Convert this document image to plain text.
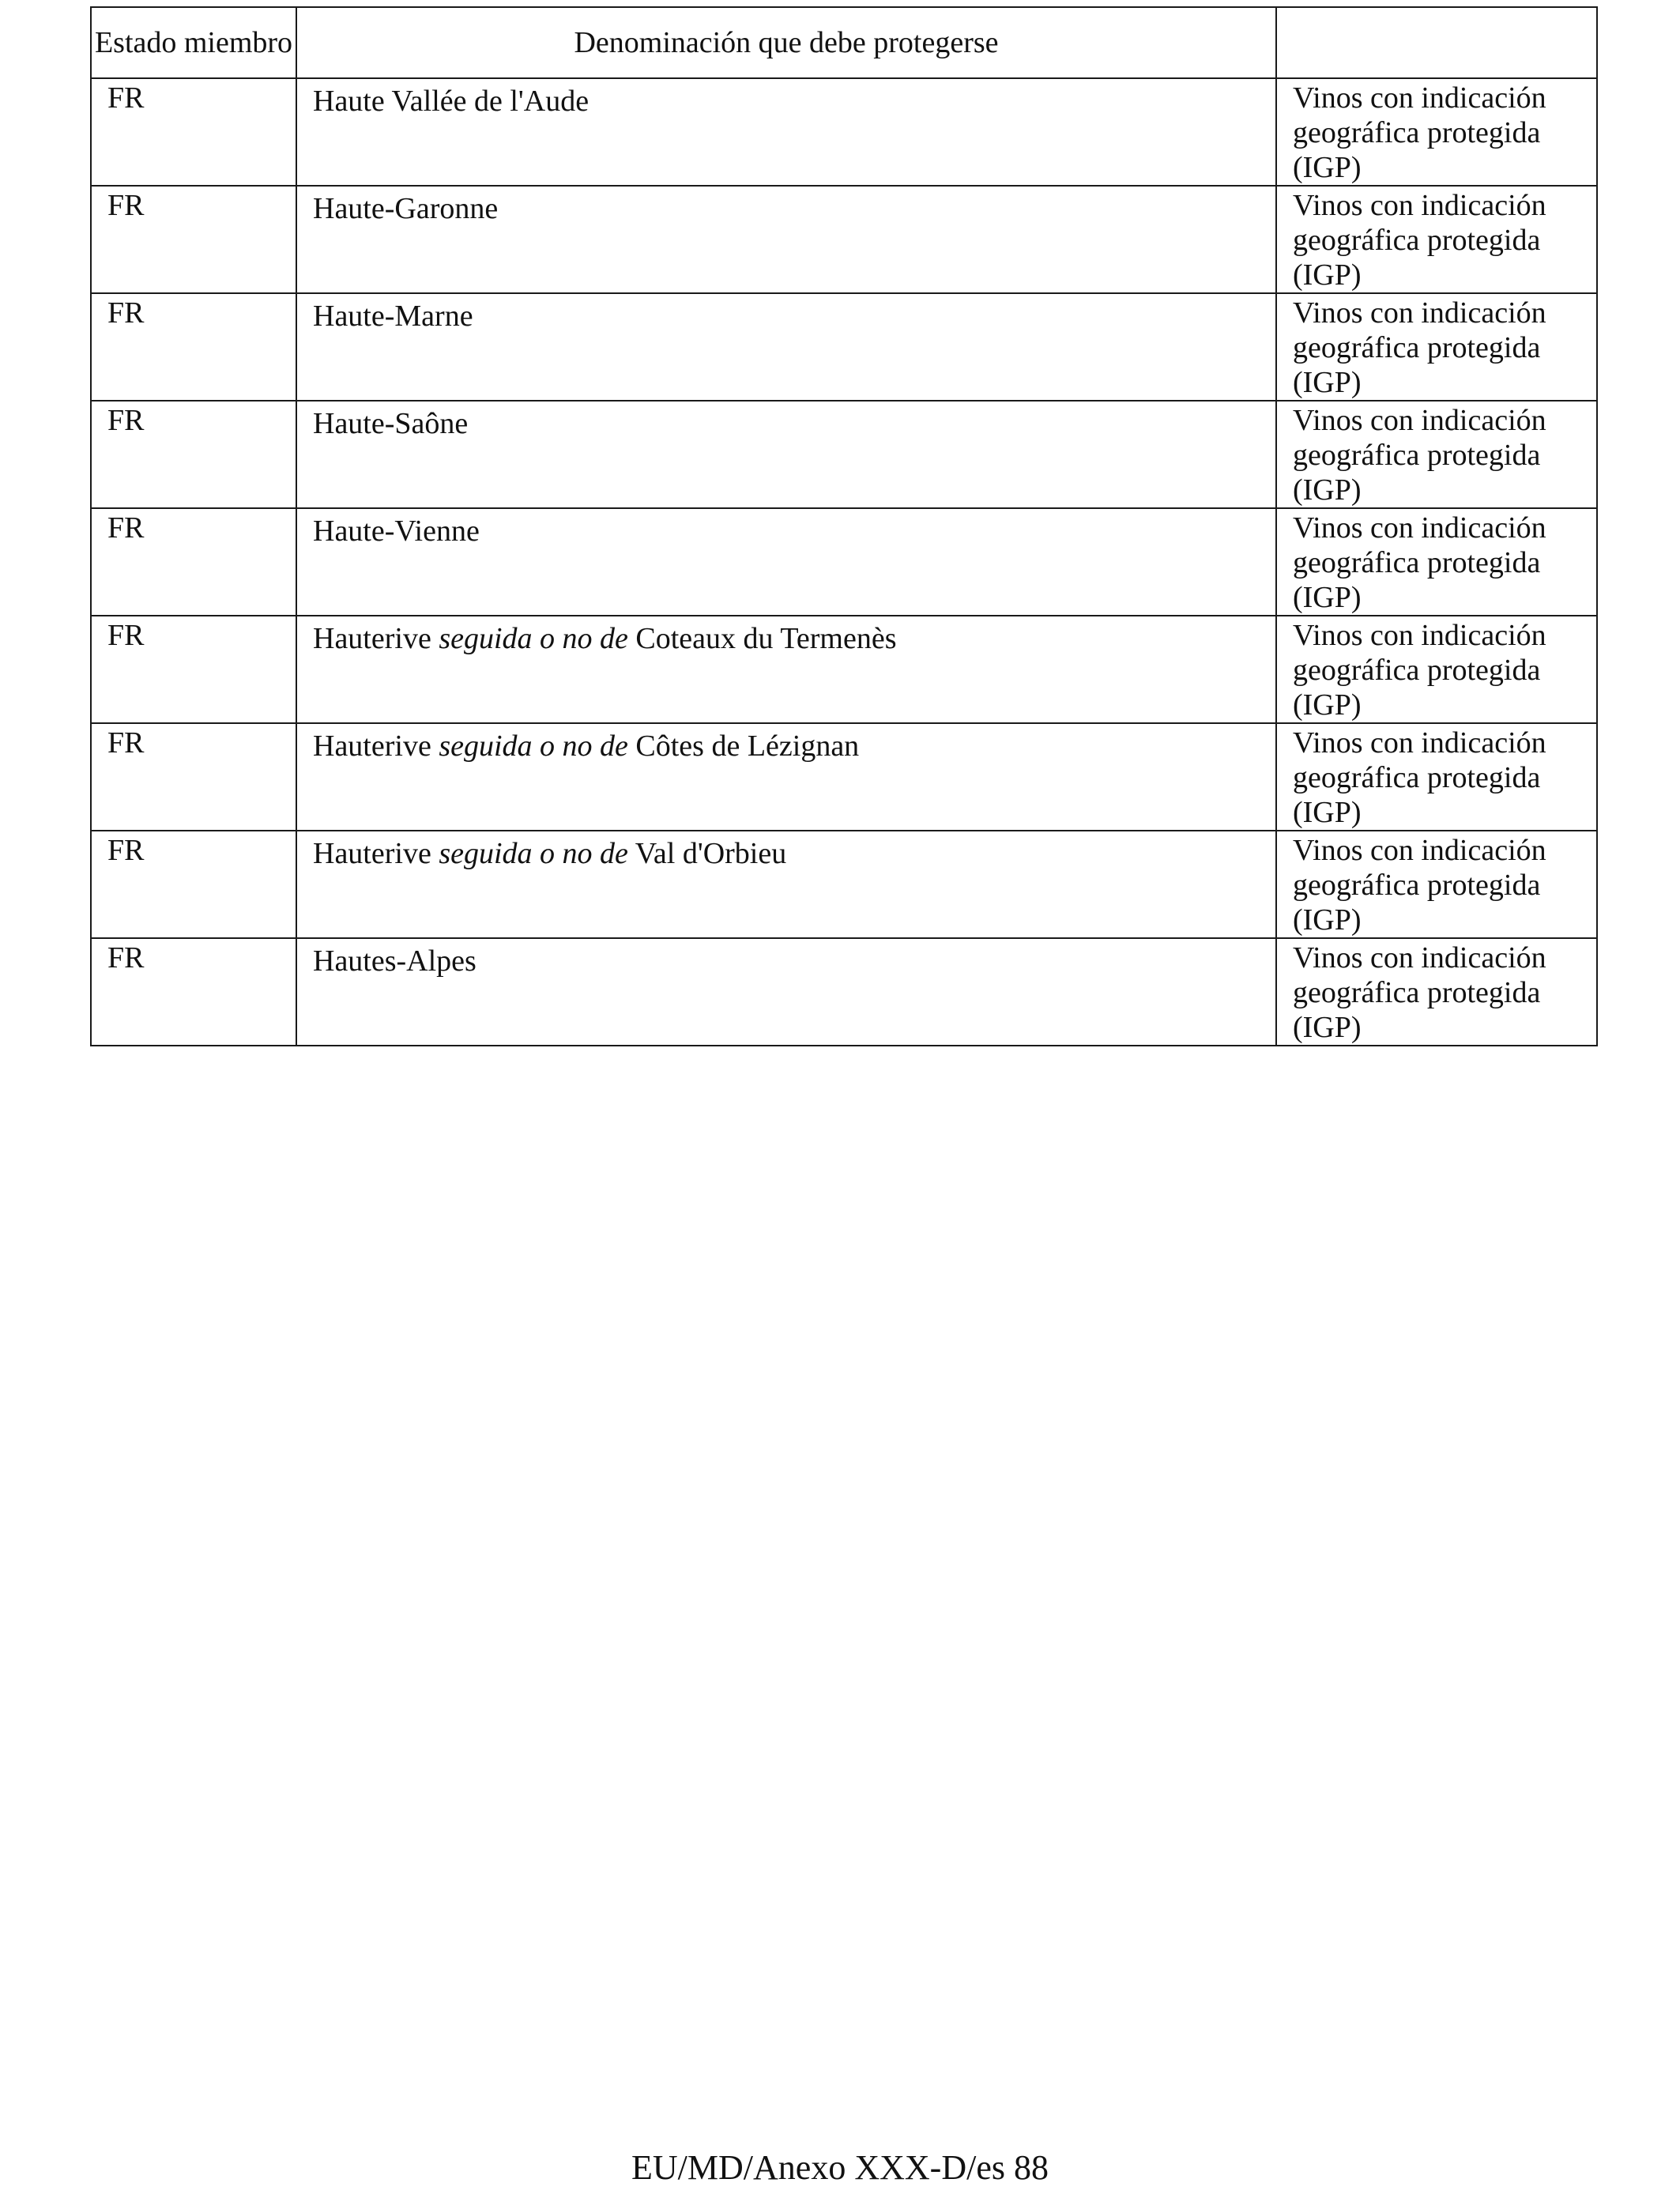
Estado miembro	Denominación que debe protegerse	

FR	Haute Vallée de l'Aude	Vinos con indicación geográfica protegida (IGP)

FR	Haute-Garonne	Vinos con indicación geográfica protegida (IGP)

FR	Haute-Marne	Vinos con indicación geográfica protegida (IGP)

FR	Haute-Saône	Vinos con indicación geográfica protegida (IGP)

FR	Haute-Vienne	Vinos con indicación geográfica protegida (IGP)

FR	Hauterive seguida o no de Coteaux du Termenès	Vinos con indicación geográfica protegida (IGP)

FR	Hauterive seguida o no de Côtes de Lézignan	Vinos con indicación geográfica protegida (IGP)

FR	Hauterive seguida o no de Val d'Orbieu	Vinos con indicación geográfica protegida (IGP)

FR	Hautes-Alpes	Vinos con indicación geográfica protegida (IGP)
EU/MD/Anexo XXX-D/es 88
